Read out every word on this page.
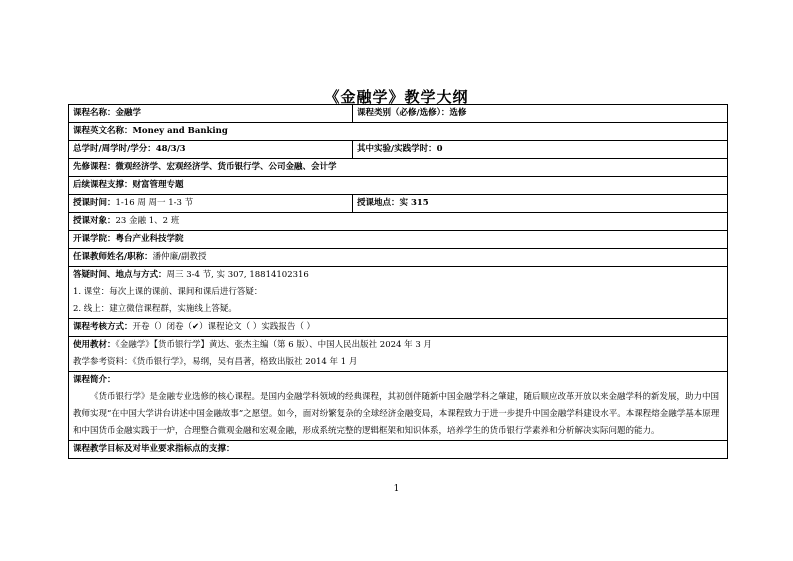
《金融学》教学大纲
课程名称：金融学	课程类别（必修/选修）：选修
课程英文名称：Money and Banking	
总学时/周学时/学分：48/3/3	其中实验/实践学时：0
先修课程：微观经济学、宏观经济学、货币银行学、公司金融、会计学	
后续课程支撑：财富管理专题	
授课时间：1-16 周 周一 1-3 节	授课地点：实 315
授课对象：23 金融 1、2 班	
开课学院：粤台产业科技学院	
任课教师姓名/职称：潘仲廉/副教授	

答疑时间、地点与方式：周三 3-4 节, 实 307, 18814102316
1. 课堂：每次上课的课前、课间和课后进行答疑：
2. 线上：建立微信课程群，实施线上答疑。	

课程考核方式：开卷（）闭卷（✔）课程论文（ ）实践报告（ ）	

使用教材：《金融学》【货币银行学】黄达、张杰主编（第 6 版）、中国人民出版社 2024 年 3 月
教学参考资料：《货币银行学》，易纲，吴有昌著，格致出版社 2014 年 1 月	

课程简介：
《货币银行学》是金融专业选修的核心课程。是国内金融学科领域的经典课程，其初创伴随新中国金融学科之肇建，随后顺应改革开放以来金融学科的新发展，助力中国教师实现“在中国大学讲台讲述中国金融故事”之愿望。如今，面对纷繁复杂的全球经济金融变局，本课程致力于进一步提升中国金融学科建设水平。本课程熔金融学基本原理和中国货币金融实践于一炉，合理整合微观金融和宏观金融，形成系统完整的逻辑框架和知识体系，培养学生的货币银行学素养和分析解决实际问题的能力。	

课程教学目标及对毕业要求指标点的支撑：	
1
